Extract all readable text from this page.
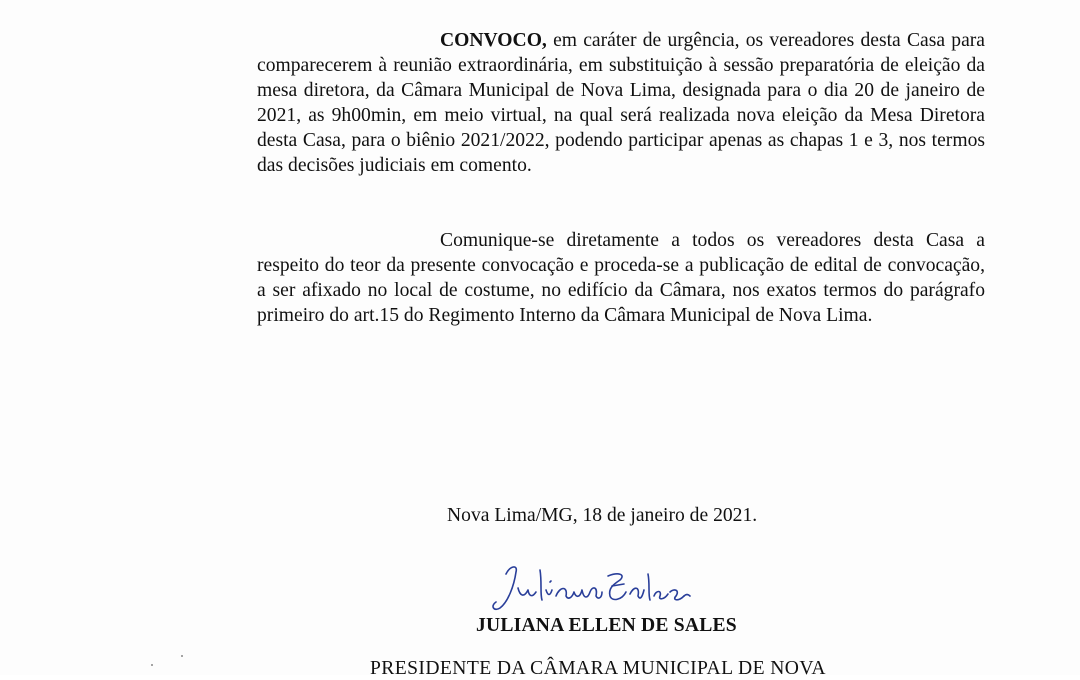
CONVOCO, em caráter de urgência, os vereadores desta Casa para comparecerem à reunião extraordinária, em substituição à sessão preparatória de eleição da mesa diretora, da Câmara Municipal de Nova Lima, designada para o dia 20 de janeiro de 2021, as 9h00min, em meio virtual, na qual será realizada nova eleição da Mesa Diretora desta Casa, para o biênio 2021/2022, podendo participar apenas as chapas 1 e 3, nos termos das decisões judiciais em comento.

Comunique-se diretamente a todos os vereadores desta Casa a respeito do teor da presente convocação e proceda-se a publicação de edital de convocação, a ser afixado no local de costume, no edifício da Câmara, nos exatos termos do parágrafo primeiro do art.15 do Regimento Interno da Câmara Municipal de Nova Lima.

Nova Lima/MG, 18 de janeiro de 2021.

JULIANA ELLEN DE SALES

PRESIDENTE DA CÂMARA MUNICIPAL DE NOVA
